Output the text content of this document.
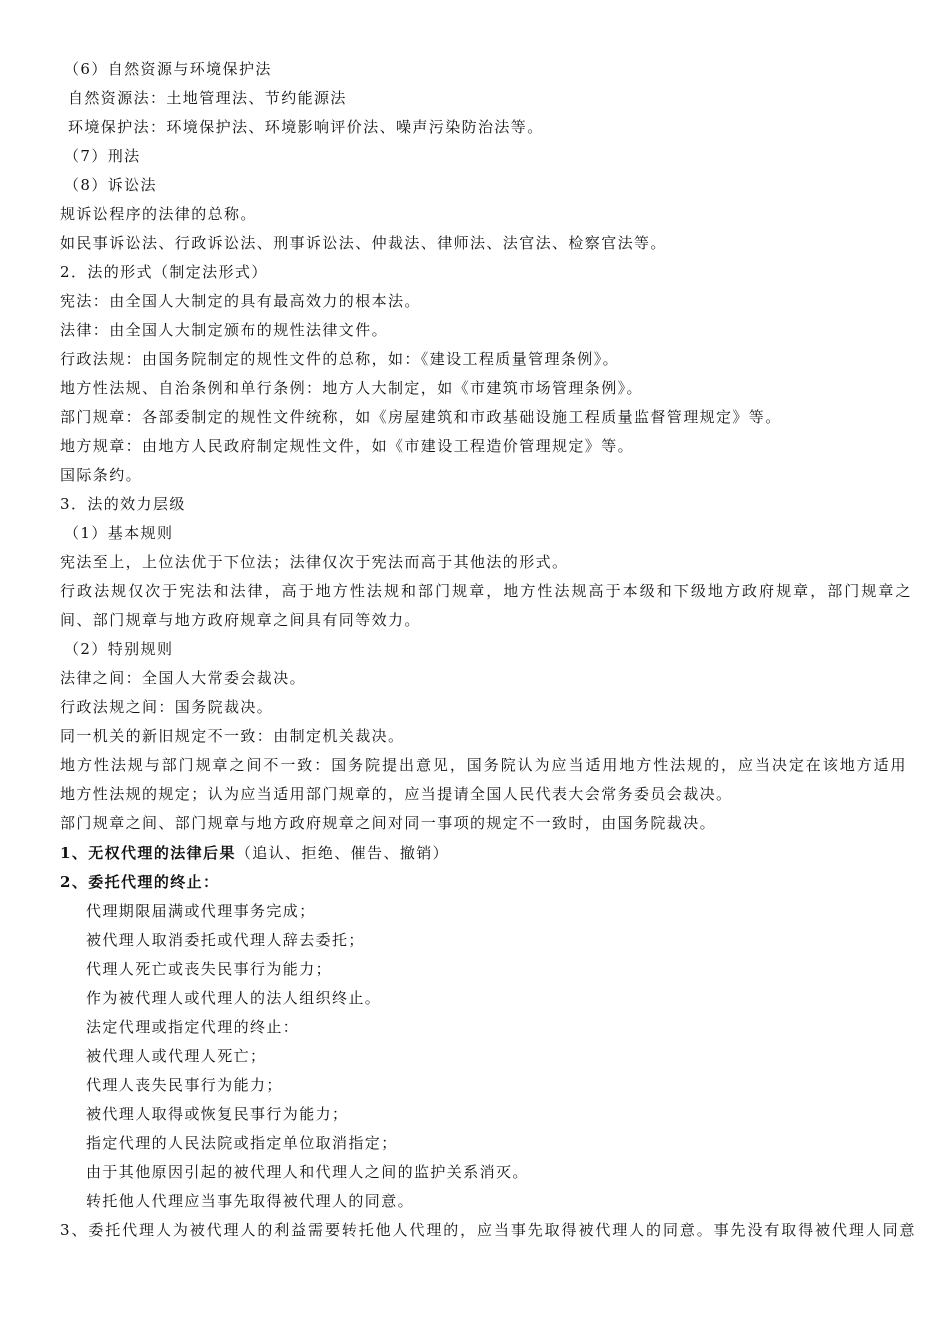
（6）自然资源与环境保护法
自然资源法：土地管理法、节约能源法
环境保护法：环境保护法、环境影响评价法、噪声污染防治法等。
（7）刑法
（8）诉讼法
规诉讼程序的法律的总称。
如民事诉讼法、行政诉讼法、刑事诉讼法、仲裁法、律师法、法官法、检察官法等。
2．法的形式（制定法形式）
宪法：由全国人大制定的具有最高效力的根本法。
法律：由全国人大制定颁布的规性法律文件。
行政法规：由国务院制定的规性文件的总称，如：《建设工程质量管理条例》。
地方性法规、自治条例和单行条例：地方人大制定，如《市建筑市场管理条例》。
部门规章：各部委制定的规性文件统称，如《房屋建筑和市政基础设施工程质量监督管理规定》等。
地方规章：由地方人民政府制定规性文件，如《市建设工程造价管理规定》等。
国际条约。
3．法的效力层级
（1）基本规则
宪法至上，上位法优于下位法；法律仅次于宪法而高于其他法的形式。
行政法规仅次于宪法和法律，高于地方性法规和部门规章，地方性法规高于本级和下级地方政府规章，部门规章之
间、部门规章与地方政府规章之间具有同等效力。
（2）特别规则
法律之间：全国人大常委会裁决。
行政法规之间：国务院裁决。
同一机关的新旧规定不一致：由制定机关裁决。
地方性法规与部门规章之间不一致：国务院提出意见，国务院认为应当适用地方性法规的，应当决定在该地方适用
地方性法规的规定；认为应当适用部门规章的，应当提请全国人民代表大会常务委员会裁决。
部门规章之间、部门规章与地方政府规章之间对同一事项的规定不一致时，由国务院裁决。
1、无权代理的法律后果（追认、拒绝、催告、撤销）
2、委托代理的终止：
代理期限届满或代理事务完成；
被代理人取消委托或代理人辞去委托；
代理人死亡或丧失民事行为能力；
作为被代理人或代理人的法人组织终止。
法定代理或指定代理的终止：
被代理人或代理人死亡；
代理人丧失民事行为能力；
被代理人取得或恢复民事行为能力；
指定代理的人民法院或指定单位取消指定；
由于其他原因引起的被代理人和代理人之间的监护关系消灭。
转托他人代理应当事先取得被代理人的同意。
3、委托代理人为被代理人的利益需要转托他人代理的，应当事先取得被代理人的同意。事先没有取得被代理人同意
